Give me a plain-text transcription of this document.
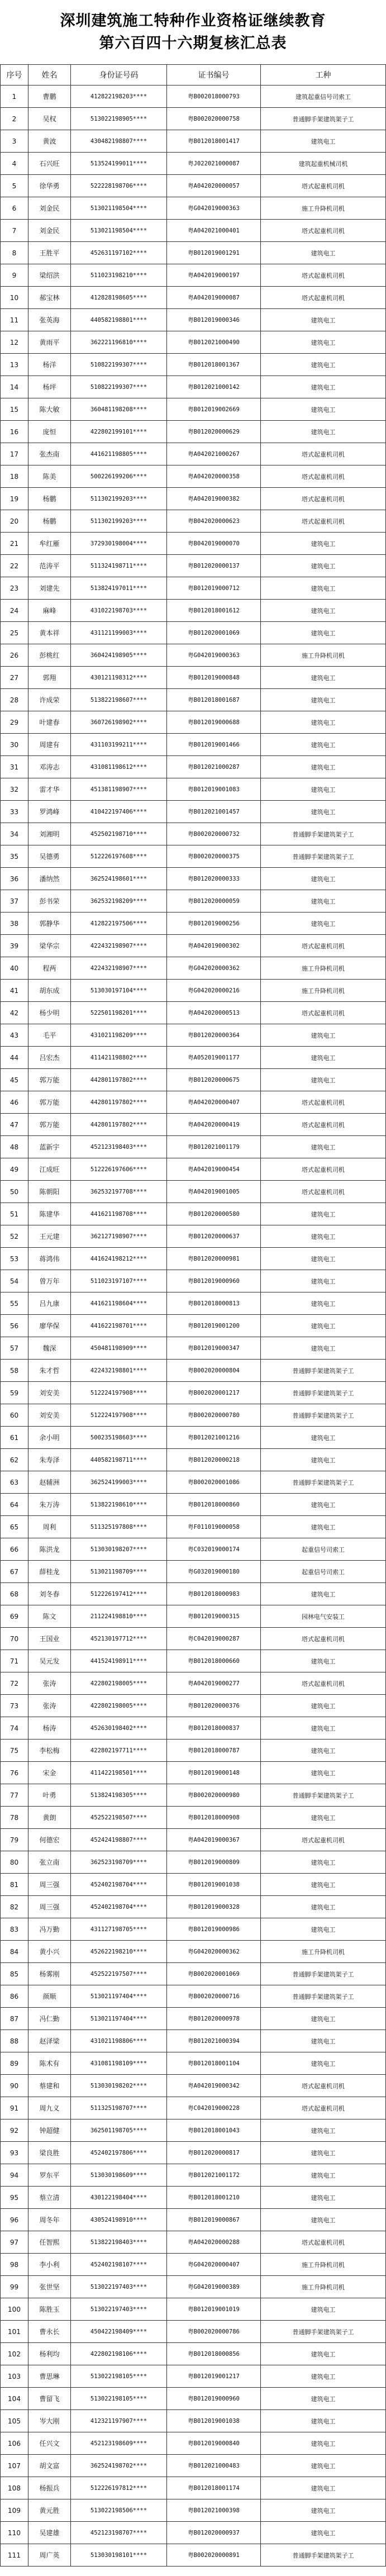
深圳建筑施工特种作业资格证继续教育
第六百四十六期复核汇总表
序号	姓名	身份证号码	证书编号	工种
1	曹鹏	412822198203****	粤B002018000793	建筑起重信号司索工
2	吴权	513022198905****	粤B002020000758	普通脚手架建筑架子工
3	黄波	430482198807****	粤B012018001417	建筑电工
4	石兴旺	513524199011****	粤J022021000087	建筑起重机械司机
5	徐华勇	522228198706****	粤A042020000057	塔式起重机司机
6	刘金民	513021198504****	粤G042019000363	施工升降机司机
7	刘金民	513021198504****	粤A042021000401	塔式起重机司机
8	王胜平	452631197102****	粤B012019001291	建筑电工
9	梁绍洪	511023198210****	粤A042019000197	塔式起重机司机
10	郝宝林	412828198605****	粤A042019000087	塔式起重机司机
11	张英海	440582198801****	粤B012019000346	建筑电工
12	黄雨平	362221196810****	粤B012021000490	建筑电工
13	杨洋	510822199307****	粤B012018001367	建筑电工
14	杨坪	510822199307****	粤B012021000142	建筑电工
15	陈大敏	360481198208****	粤B012019002669	建筑电工
16	庞恒	422802199101****	粤B012020000629	建筑电工
17	张杰南	441621198805****	粤A042021000267	塔式起重机司机
18	陈美	500226199206****	粤A042020000358	塔式起重机司机
19	杨鹏	511302199203****	粤A042019000382	塔式起重机司机
20	杨鹏	511302199203****	粤B042020000623	塔式起重机司机
21	牟红雁	372930198004****	粤B042019000070	建筑电工
22	范涛平	511324198711****	粤B012020000137	建筑电工
23	刘建先	513824197011****	粤B012019000712	建筑电工
24	麻峰	431022198703****	粤B012018001612	建筑电工
25	黄本祥	431121199003****	粤B012020001069	建筑电工
26	彭桃红	360424198905****	粤G042019000363	施工升降机司机
27	郭翔	430121198312****	粤B012019000848	建筑电工
28	许成荣	513822198607****	粤B012018001687	建筑电工
29	叶建春	360726198902****	粤B012019000688	建筑电工
30	周建有	431103199211****	粤B012019001466	建筑电工
31	邓涛志	431081198612****	粤B012021000287	建筑电工
32	雷才华	451381198907****	粤B012019001083	建筑电工
33	罗鸿峰	410422197406****	粤B012021001457	建筑电工
34	刘湘明	452502198710****	粤B002020000732	普通脚手架建筑架子工
35	吴德勇	512226197608****	粤B002020000375	普通脚手架建筑架子工
36	潘纳然	362524198601****	粤B012020000333	建筑电工
37	彭书荣	362532198209****	粤B012020000059	建筑电工
38	郭静华	412822197506****	粤B012019000256	建筑电工
39	梁华宗	422432198907****	粤A042019000302	塔式起重机司机
40	程两	422432198907****	粤G042020000362	施工升降机司机
41	胡东成	513030197104****	粤G042020000216	施工升降机司机
42	杨少明	522501198201****	粤A042020000513	塔式起重机司机
43	毛平	431021198209****	粤B012020000364	建筑电工
44	吕宏杰	411421198802****	粤A052019001177	建筑电工
45	郭万能	442801197802****	粤B012020000675	建筑电工
46	郭万能	442801197802****	粤A042020000407	塔式起重机司机
47	郭万能	442801197802****	粤A042020000419	塔式起重机司机
48	蓝新宇	452123198403****	粤B012021001179	建筑电工
49	江成旺	512226197606****	粤A042019000454	塔式起重机司机
50	陈朝阳	362532197708****	粤A042019001005	塔式起重机司机
51	陈建华	441621198708****	粤B012020000580	建筑电工
52	王元建	362127198907****	粤B012020000637	建筑电工
53	蒋鸿伟	441624198212****	粤B012020000981	建筑电工
54	曾万年	511023197107****	粤B012019000960	建筑电工
55	吕九康	441621198604****	粤B012018000813	建筑电工
56	廖华保	441622198701****	粤B012019001200	建筑电工
57	魏深	450481198909****	粤B012019000347	建筑电工
58	朱才哲	422432198801****	粤B002020000804	普通脚手架建筑架子工
59	刘安美	512224197908****	粤B002020001217	普通脚手架建筑架子工
60	刘安美	512224197908****	粤B002020000780	普通脚手架建筑架子工
61	余小明	500235198603****	粤B012021001216	建筑电工
62	朱寿泽	440582198711****	粤B012020000218	建筑电工
63	赵辅洲	362524199003****	粤B002020001086	普通脚手架建筑架子工
64	朱万涛	513822198610****	粤B012018000860	建筑电工
65	周利	511325197808****	粤F011019000058	建筑电工
66	陈洪龙	513030198207****	粤C032019000174	起重信号司索工
67	薛桂龙	513021198709****	粤G032019000180	起重信号司索工
68	刘冬春	512226197412****	粤B012018000983	建筑电工
69	陈文	211224198810****	粤B012019000315	园林电气安装工
70	王国业	452130197712****	粤C042019000287	塔式起重机司机
71	吴元发	441524198911****	粤B012018000660	建筑电工
72	张涛	422802198005****	粤A042019000277	塔式起重机司机
73	张涛	422802198005****	粤B012020000376	建筑电工
74	杨涛	452630198402****	粤B012018000837	建筑电工
75	李松梅	422802197711****	粤B012018000787	建筑电工
76	宋金	411422198501****	粤B012019000148	建筑电工
77	叶勇	513824198305****	粤B002020000980	普通脚手架建筑架子工
78	黄朗	452522198507****	粤B012018000908	建筑电工
79	何德宏	452424198807****	粤A042019000367	塔式起重机司机
80	张立南	362523198709****	粤B012019000809	建筑电工
81	周三强	452402198704****	粤B012019001038	建筑电工
82	周三强	452402198704****	粤B012019000328	建筑电工
83	冯万勤	431127198705****	粤B012019000986	建筑电工
84	黄小兴	452622198210****	粤G042020000362	施工升降机司机
85	杨雾刚	452522197507****	粤B002020001069	普通脚手架建筑架子工
86	颜顺	513021197404****	粤B002020000716	普通脚手架建筑架子工
87	冯仁勤	513021197404****	粤B012020000978	建筑电工
88	赵泽梁	431021198806****	粤B012021000394	建筑电工
89	陈术有	431081198109****	粤B012018001104	建筑电工
90	蔡建和	513030198202****	粤A042019000342	塔式起重机司机
91	周九义	511325198707****	粤C042019000228	塔式起重机司机
92	钟超健	362501198705****	粤B012018001043	建筑电工
93	梁良胜	452402197806****	粤B012020000817	建筑电工
94	罗东平	513030198609****	粤B012021001172	建筑电工
95	蔡立清	430122198404****	粤B012018001210	建筑电工
96	周冬年	430524198910****	粤B012019000867	建筑电工
97	任智熙	513822198403****	粤A042020000288	塔式起重机司机
98	李小利	452402198107****	粤G042020000407	施工升降机司机
99	张世坚	513022197403****	粤G042019000389	施工升降机司机
100	陈胜玉	513022197403****	粤B012019001019	建筑电工
101	曹永长	450422198409****	粤B002020000786	普通脚手架建筑架子工
102	杨利均	422802198106****	粤B012018000856	建筑电工
103	曹思琳	513022198105****	粤B012019001217	建筑电工
104	曹留飞	513022198105****	粤B012019000960	建筑电工
105	岑大刚	412321197907****	粤B012019001038	建筑电工
106	任兴文	452123198609****	粤B012019000840	建筑电工
107	胡文富	362524198702****	粤B012021000483	建筑电工
108	杨振兵	512226197812****	粤B012018001174	建筑电工
109	黄元胜	513022198506****	粤B012021000398	建筑电工
110	吴建雄	452123198707****	粤B012020000937	建筑电工
111	周广英	513030198101****	粤B002020000891	普通脚手架建筑架子工
